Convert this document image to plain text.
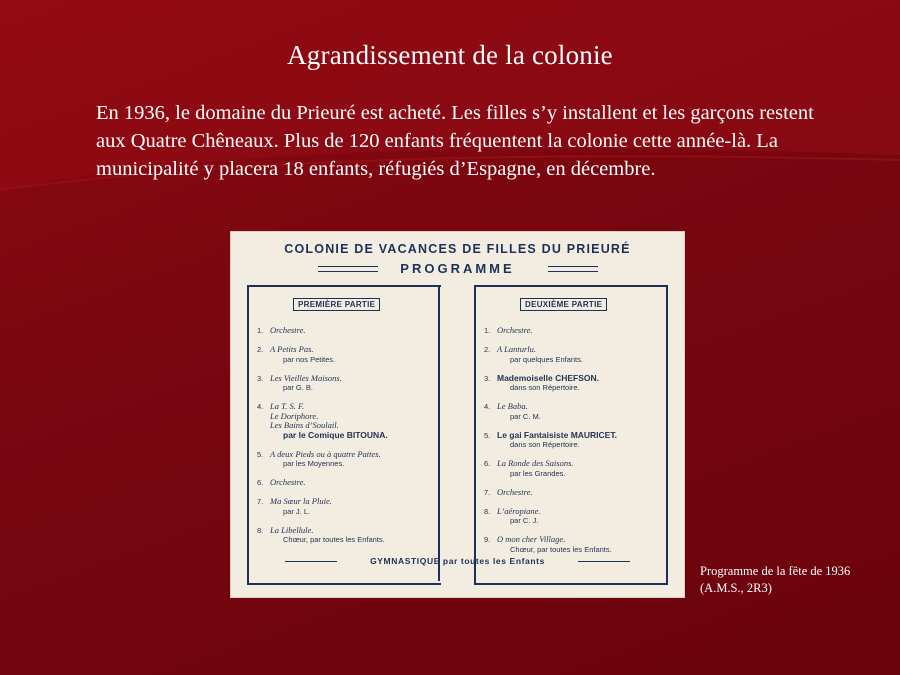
Agrandissement de la colonie
En 1936, le domaine du Prieuré est acheté. Les filles s’y installent et les garçons restent aux Quatre Chêneaux. Plus de 120 enfants fréquentent la colonie cette année-là. La municipalité y placera 18 enfants, réfugiés d’Espagne, en décembre.
COLONIE DE VACANCES DE FILLES DU PRIEURÉ
PROGRAMME
PREMIÈRE PARTIE	DEUXIÈME PARTIE
1. Orchestre.
2. A Petits Pas.
par nos Petites.
3. Les Vieilles Maisons.
par G. B.
4. La T. S. F.
Le Doriphore.
Les Bains d’Soulail.
par le Comique BITOUNA.
5. A deux Pieds ou à quatre Pattes.
par les Moyennes.
6. Orchestre.
7. Ma Sœur la Pluie.
par J. L.
8. La Libellule.
Chœur, par toutes les Enfants.
1. Orchestre.
2. A Lanturlu.
par quelques Enfants.
3. Mademoiselle CHEFSON.
dans son Répertoire.
4. Le Baba.
par C. M.
5. Le gai Fantaisiste MAURICET.
dans son Répertoire.
6. La Ronde des Saisons.
par les Grandes.
7. Orchestre.
8. L’aéropiane.
par C. J.
9. O mon cher Village.
Chœur, par toutes les Enfants.
GYMNASTIQUE par toutes les Enfants
Programme de la fête de 1936 (A.M.S., 2R3)
